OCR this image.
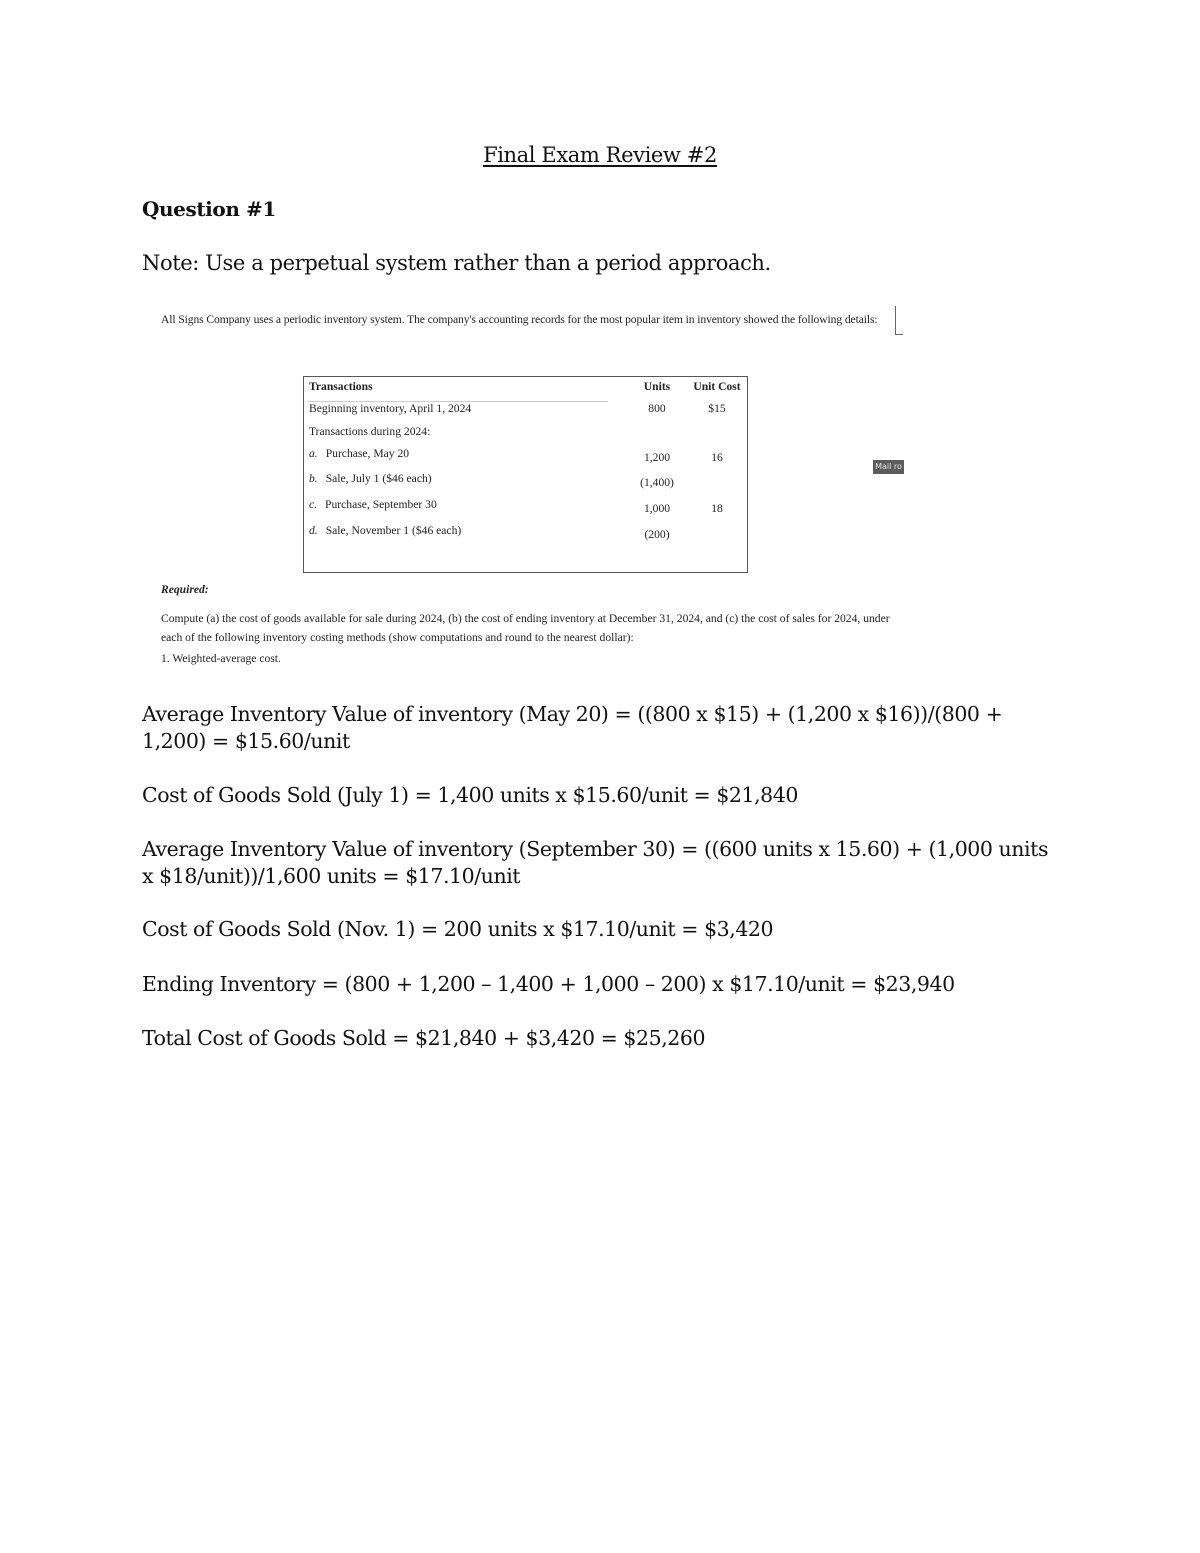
Final Exam Review #2
Question #1
Note: Use a perpetual system rather than a period approach.
All Signs Company uses a periodic inventory system. The company's accounting records for the most popular item in inventory showed the following details:
Mail ro
Transactions	Units	Unit Cost
Beginning inventory, April 1, 2024	800	$15
Transactions during 2024:
a. Purchase, May 20	1,200	16
b. Sale, July 1 ($46 each)	(1,400)
c. Purchase, September 30	1,000	18
d. Sale, November 1 ($46 each)	(200)
Required:
Compute (a) the cost of goods available for sale during 2024, (b) the cost of ending inventory at December 31, 2024, and (c) the cost of sales for 2024, under each of the following inventory costing methods (show computations and round to the nearest dollar):
1. Weighted-average cost.
Average Inventory Value of inventory (May 20) = ((800 x $15) + (1,200 x $16))/(800 + 1,200) = $15.60/unit
Cost of Goods Sold (July 1) = 1,400 units x $15.60/unit = $21,840
Average Inventory Value of inventory (September 30) = ((600 units x 15.60) + (1,000 units x $18/unit))/1,600 units = $17.10/unit
Cost of Goods Sold (Nov. 1) = 200 units x $17.10/unit = $3,420
Ending Inventory = (800 + 1,200 – 1,400 + 1,000 – 200) x $17.10/unit = $23,940
Total Cost of Goods Sold = $21,840 + $3,420 = $25,260
